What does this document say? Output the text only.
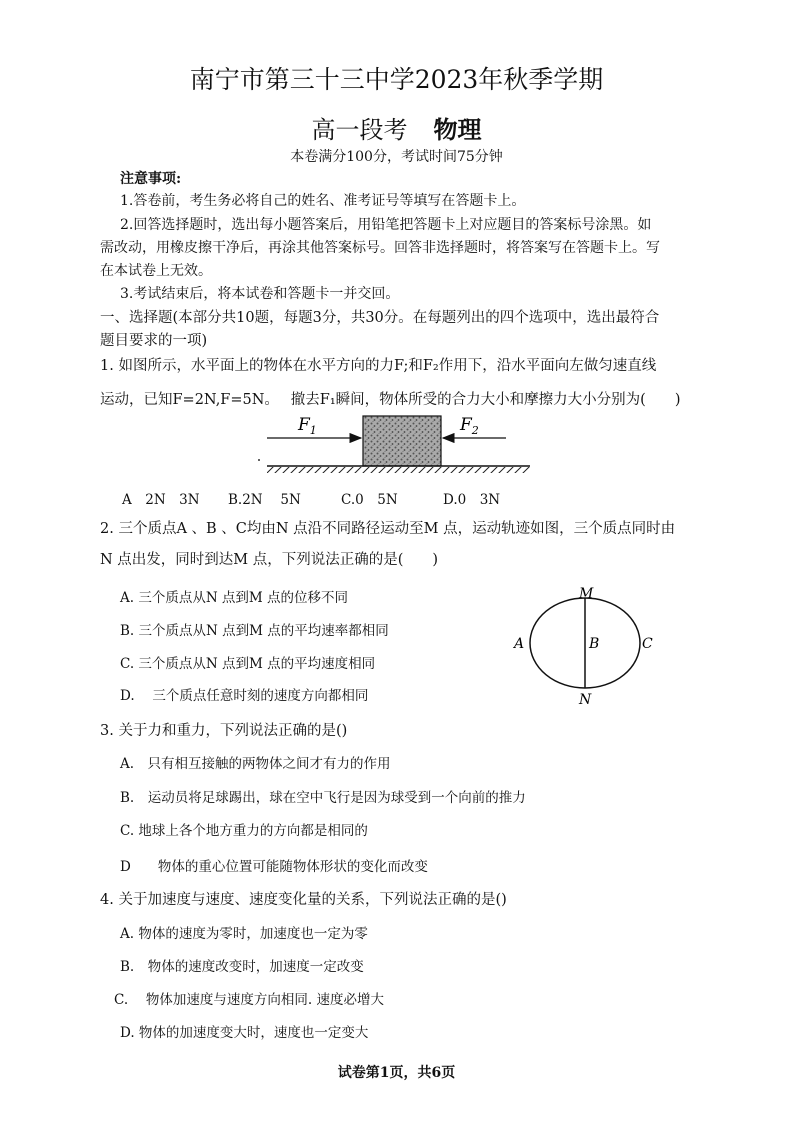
南宁市第三十三中学2023年秋季学期
高一段考 物理
本卷满分100分，考试时间75分钟
注意事项:
1.答卷前，考生务必将自己的姓名、准考证号等填写在答题卡上。
2.回答选择题时，选出每小题答案后，用铅笔把答题卡上对应题目的答案标号涂黑。如
需改动，用橡皮擦干净后，再涂其他答案标号。回答非选择题时，将答案写在答题卡上。写
在本试卷上无效。
3.考试结束后，将本试卷和答题卡一并交回。
一、选择题(本部分共10题，每题3分，共30分。在每题列出的四个选项中，选出最符合
题目要求的一项)
1. 如图所示，水平面上的物体在水平方向的力F;和F₂作用下，沿水平面向左做匀速直线
运动，已知F=2N,F=5N。　 撤去F₁瞬间，物体所受的合力大小和摩擦力大小分别为(　　)
$F_1$	$F_2$
A　2N　3N B.2N　 5N	C.0　5N	D.0　3N
2. 三个质点A 、B 、C均由N 点沿不同路径运动至M 点，运动轨迹如图，三个质点同时由
N 点出发，同时到达M 点，下列说法正确的是(　　)
A. 三个质点从N 点到M 点的位移不同
B. 三个质点从N 点到M 点的平均速率都相同
C. 三个质点从N 点到M 点的平均速度相同
D.　 三个质点任意时刻的速度方向都相同
M
N
A	B	C
3. 关于力和重力，下列说法正确的是()
A.　只有相互接触的两物体之间才有力的作用
B.　运动员将足球踢出，球在空中飞行是因为球受到一个向前的推力
C. 地球上各个地方重力的方向都是相同的
D　　物体的重心位置可能随物体形状的变化而改变
4. 关于加速度与速度、速度变化量的关系，下列说法正确的是()
A. 物体的速度为零时，加速度也一定为零
B.　物体的速度改变时，加速度一定改变
C.　 物体加速度与速度方向相同. 速度必增大
D. 物体的加速度变大时，速度也一定变大
试卷第1页，共6页
